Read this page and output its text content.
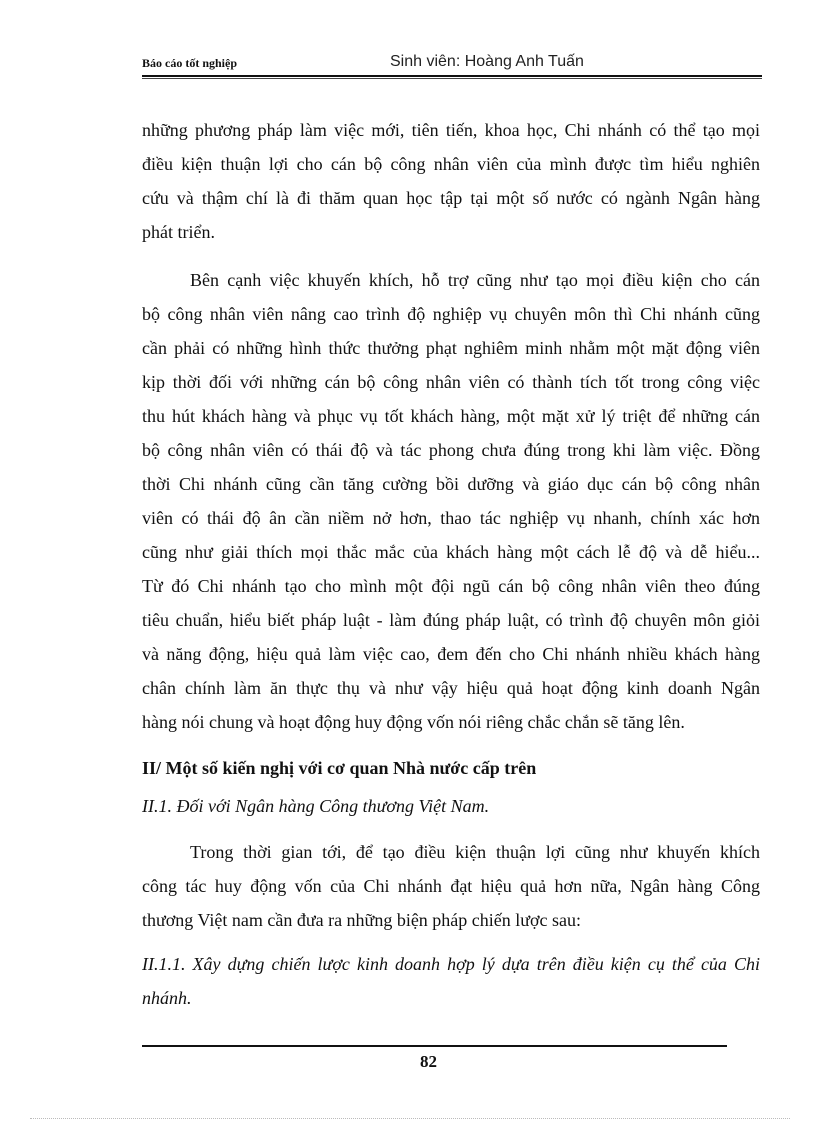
Báo cáo tốt nghiệp	Sinh viên: Hoàng Anh Tuấn
những phương pháp làm việc mới, tiên tiến, khoa học, Chi nhánh có thể tạo mọi
điều kiện thuận lợi cho cán bộ công nhân viên của mình được tìm hiểu nghiên
cứu và thậm chí là đi thăm quan học tập tại một số nước có ngành Ngân hàng
phát triển.
Bên cạnh việc khuyến khích, hỗ trợ cũng như tạo mọi điều kiện cho cán
bộ công nhân viên nâng cao trình độ nghiệp vụ chuyên môn thì Chi nhánh cũng
cần phải có những hình thức thưởng phạt nghiêm minh nhằm một mặt động viên
kịp thời đối với những cán bộ công nhân viên có thành tích tốt trong công việc
thu hút khách hàng và phục vụ tốt khách hàng, một mặt xử lý triệt để những cán
bộ công nhân viên có thái độ và tác phong chưa đúng trong khi làm việc. Đồng
thời Chi nhánh cũng cần tăng cường bồi dưỡng và giáo dục cán bộ công nhân
viên có thái độ ân cần niềm nở hơn, thao tác nghiệp vụ nhanh, chính xác hơn
cũng như giải thích mọi thắc mắc của khách hàng một cách lễ độ và dễ hiểu...
Từ đó Chi nhánh tạo cho mình một đội ngũ cán bộ công nhân viên theo đúng
tiêu chuẩn, hiểu biết pháp luật - làm đúng pháp luật, có trình độ chuyên môn giỏi
và năng động, hiệu quả làm việc cao, đem đến cho Chi nhánh nhiều khách hàng
chân chính làm ăn thực thụ và như vậy hiệu quả hoạt động kinh doanh Ngân
hàng nói chung và hoạt động huy động vốn nói riêng chắc chắn sẽ tăng lên.
II/ Một số kiến nghị với cơ quan Nhà nước cấp trên
II.1. Đối với Ngân hàng Công thương Việt Nam.
Trong thời gian tới, để tạo điều kiện thuận lợi cũng như khuyến khích
công tác huy động vốn của Chi nhánh đạt hiệu quả hơn nữa, Ngân hàng Công
thương Việt nam cần đưa ra những biện pháp chiến lược sau:
II.1.1. Xây dựng chiến lược kinh doanh hợp lý dựa trên điều kiện cụ thể của Chi
nhánh.
82
